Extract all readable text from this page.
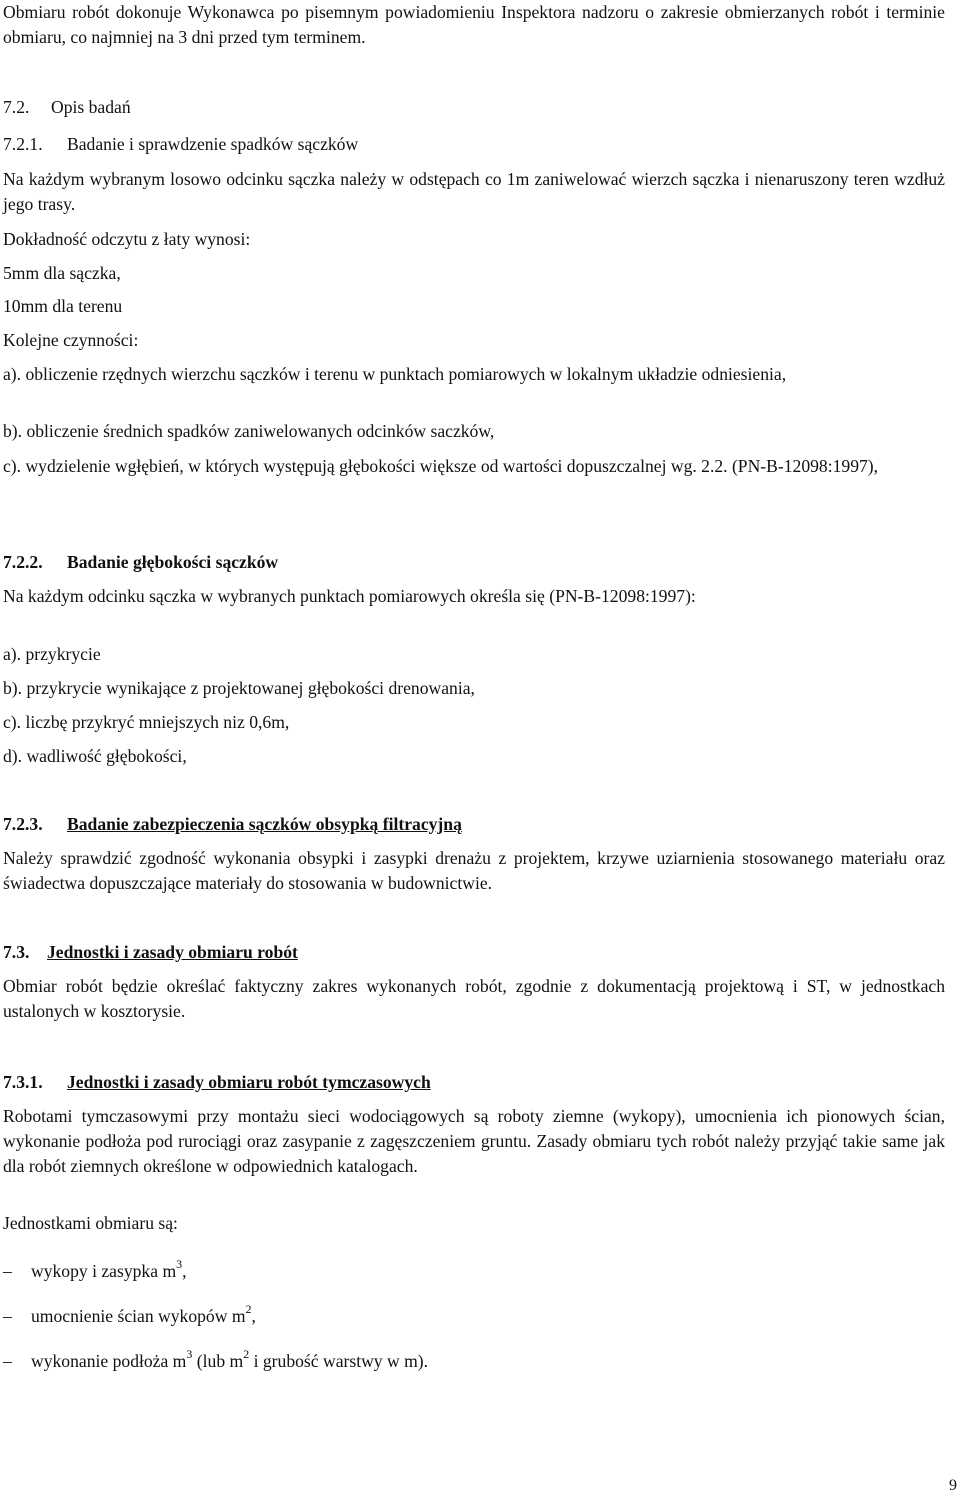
Obmiaru robót dokonuje Wykonawca po pisemnym powiadomieniu Inspektora nadzoru o zakresie obmierzanych robót i terminie obmiaru, co najmniej na 3 dni przed tym terminem.

7.2. Opis badań
7.2.1. Badanie i sprawdzenie spadków sączków

Na każdym wybranym losowo odcinku sączka należy w odstępach co 1m zaniwelować wierzch sączka i nienaruszony teren wzdłuż jego trasy.

Dokładność odczytu z łaty wynosi:

5mm dla sączka,

10mm dla terenu

Kolejne czynności:

a). obliczenie rzędnych wierzchu sączków i terenu w punktach pomiarowych w lokalnym układzie odniesienia,

b). obliczenie średnich spadków zaniwelowanych odcinków saczków,

c). wydzielenie wgłębień, w których występują głębokości większe od wartości dopuszczalnej wg. 2.2. (PN-B-12098:1997),

7.2.2. Badanie głębokości sączków

Na każdym odcinku sączka w wybranych punktach pomiarowych określa się (PN-B-12098:1997):

a). przykrycie

b). przykrycie wynikające z projektowanej głębokości drenowania,

c). liczbę przykryć mniejszych niz 0,6m,

d). wadliwość głębokości,

7.2.3. Badanie zabezpieczenia sączków obsypką filtracyjną

Należy sprawdzić zgodność wykonania obsypki i zasypki drenażu z projektem, krzywe uziarnienia stosowanego materiału oraz świadectwa dopuszczające materiały do stosowania w budownictwie.

7.3. Jednostki i zasady obmiaru robót

Obmiar robót będzie określać faktyczny zakres wykonanych robót, zgodnie z dokumentacją projektową i ST, w jednostkach ustalonych w kosztorysie.

7.3.1. Jednostki i zasady obmiaru robót tymczasowych

Robotami tymczasowymi przy montażu sieci wodociągowych są roboty ziemne (wykopy), umocnienia ich pionowych ścian, wykonanie podłoża pod rurociągi oraz zasypanie z zagęszczeniem gruntu. Zasady obmiaru tych robót należy przyjąć takie same jak dla robót ziemnych określone w odpowiednich katalogach.

Jednostkami obmiaru są:

– wykopy i zasypka $m^3$,
– umocnienie ścian wykopów $m^2$,
– wykonanie podłoża $m^3$ (lub $m^2$ i grubość warstwy w m).
9
